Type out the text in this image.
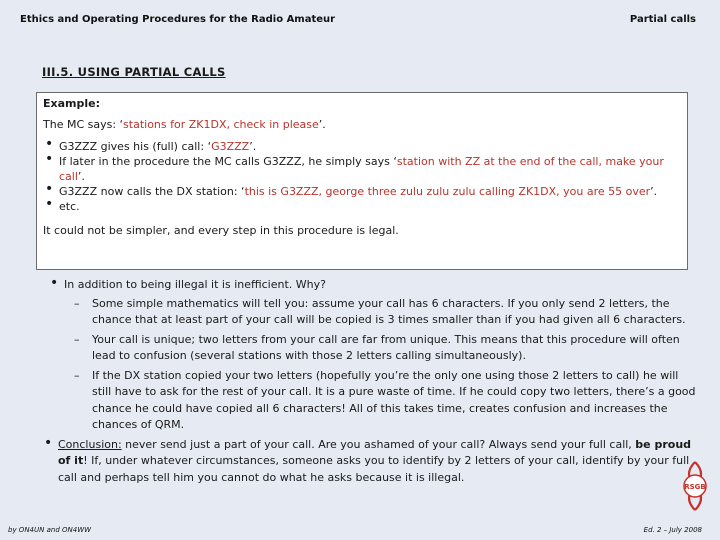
Ethics and Operating Procedures for the Radio Amateur	Partial calls
III.5. USING PARTIAL CALLS

Example:

The MC says: ‘stations for ZK1DX, check in please’.

• G3ZZZ gives his (full) call: ‘G3ZZZ’.

• If later in the procedure the MC calls G3ZZZ, he simply says ‘station with ZZ at the end of the call, make your call’.

• G3ZZZ now calls the DX station: ‘this is G3ZZZ, george three zulu zulu zulu calling ZK1DX, you are 55 over’.

• etc.

It could not be simpler, and every step in this procedure is legal.

• In addition to being illegal it is inefficient. Why?

– Some simple mathematics will tell you: assume your call has 6 characters. If you only send 2 letters, the chance that at least part of your call will be copied is 3 times smaller than if you had given all 6 characters.

– Your call is unique; two letters from your call are far from unique. This means that this procedure will often lead to confusion (several stations with those 2 letters calling simultaneously).

– If the DX station copied your two letters (hopefully you’re the only one using those 2 letters to call) he will still have to ask for the rest of your call. It is a pure waste of time. If he could copy two letters, there’s a good chance he could have copied all 6 characters! All of this takes time, creates confusion and increases the chances of QRM.

• Conclusion: never send just a part of your call. Are you ashamed of your call? Always send your full call, be proud of it! If, under whatever circumstances, someone asks you to identify by 2 letters of your call, identify by your full call and perhaps tell him you cannot do what he asks because it is illegal.

by ON4UN and ON4WW	Ed. 2 – July 2008
RSGB
